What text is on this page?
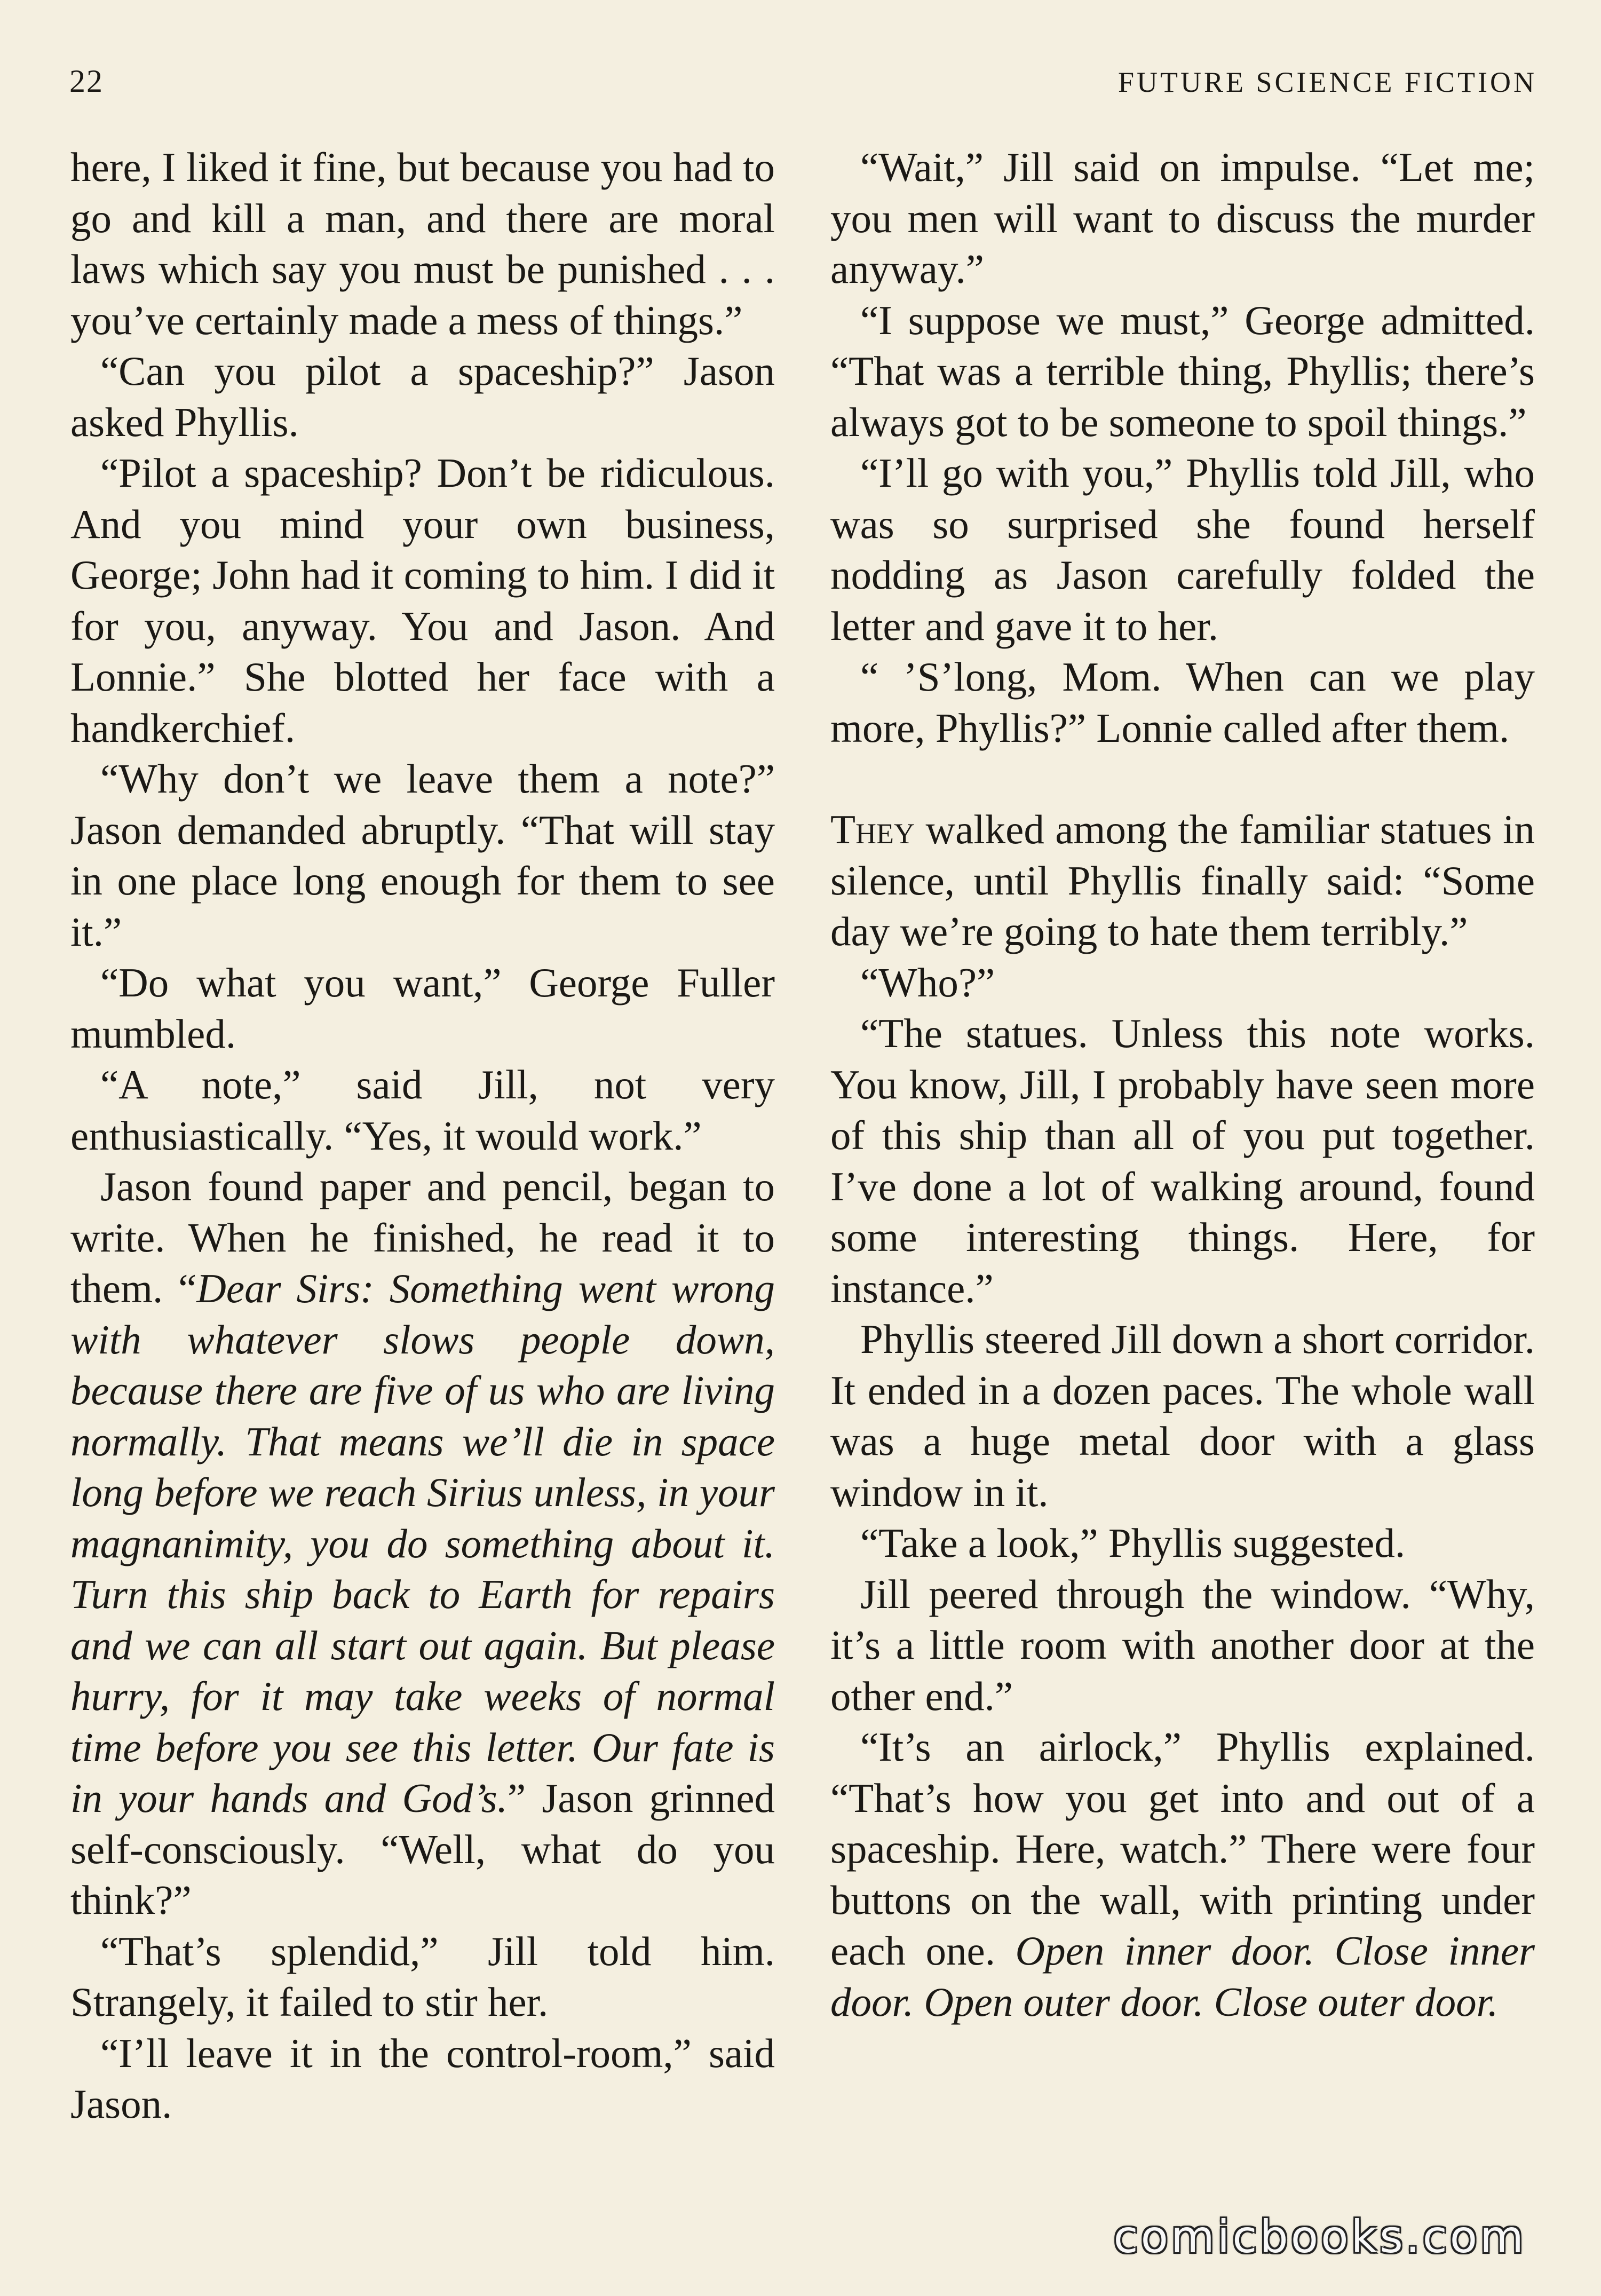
22	FUTURE SCIENCE FICTION

here, I liked it fine, but because you had to go and kill a man, and there are moral laws which say you must be punished . . . you’ve certainly made a mess of things.”

“Can you pilot a spaceship?” Jason asked Phyllis.

“Pilot a spaceship? Don’t be ridiculous. And you mind your own business, George; John had it coming to him. I did it for you, anyway. You and Jason. And Lonnie.” She blotted her face with a handkerchief.

“Why don’t we leave them a note?” Jason demanded abruptly. “That will stay in one place long enough for them to see it.”

“Do what you want,” George Fuller mumbled.

“A note,” said Jill, not very enthusiastically. “Yes, it would work.”

Jason found paper and pencil, began to write. When he finished, he read it to them. “Dear Sirs: Something went wrong with whatever slows people down, because there are five of us who are living normally. That means we’ll die in space long before we reach Sirius unless, in your magnanimity, you do something about it. Turn this ship back to Earth for repairs and we can all start out again. But please hurry, for it may take weeks of normal time before you see this letter. Our fate is in your hands and God’s.” Jason grinned self-consciously. “Well, what do you think?”

“That’s splendid,” Jill told him. Strangely, it failed to stir her.

“I’ll leave it in the control-room,” said Jason.

“Wait,” Jill said on impulse. “Let me; you men will want to discuss the murder anyway.”

“I suppose we must,” George admitted. “That was a terrible thing, Phyllis; there’s always got to be someone to spoil things.”

“I’ll go with you,” Phyllis told Jill, who was so surprised she found herself nodding as Jason carefully folded the letter and gave it to her.

“ ’S’long, Mom. When can we play more, Phyllis?” Lonnie called after them.

They walked among the familiar statues in silence, until Phyllis finally said: “Some day we’re going to hate them terribly.”

“Who?”

“The statues. Unless this note works. You know, Jill, I probably have seen more of this ship than all of you put together. I’ve done a lot of walking around, found some interesting things. Here, for instance.”

Phyllis steered Jill down a short corridor. It ended in a dozen paces. The whole wall was a huge metal door with a glass window in it.

“Take a look,” Phyllis suggested.

Jill peered through the window. “Why, it’s a little room with another door at the other end.”

“It’s an airlock,” Phyllis explained. “That’s how you get into and out of a spaceship. Here, watch.” There were four buttons on the wall, with printing under each one. Open inner door. Close inner door. Open outer door. Close outer door.

comicbooks.com
